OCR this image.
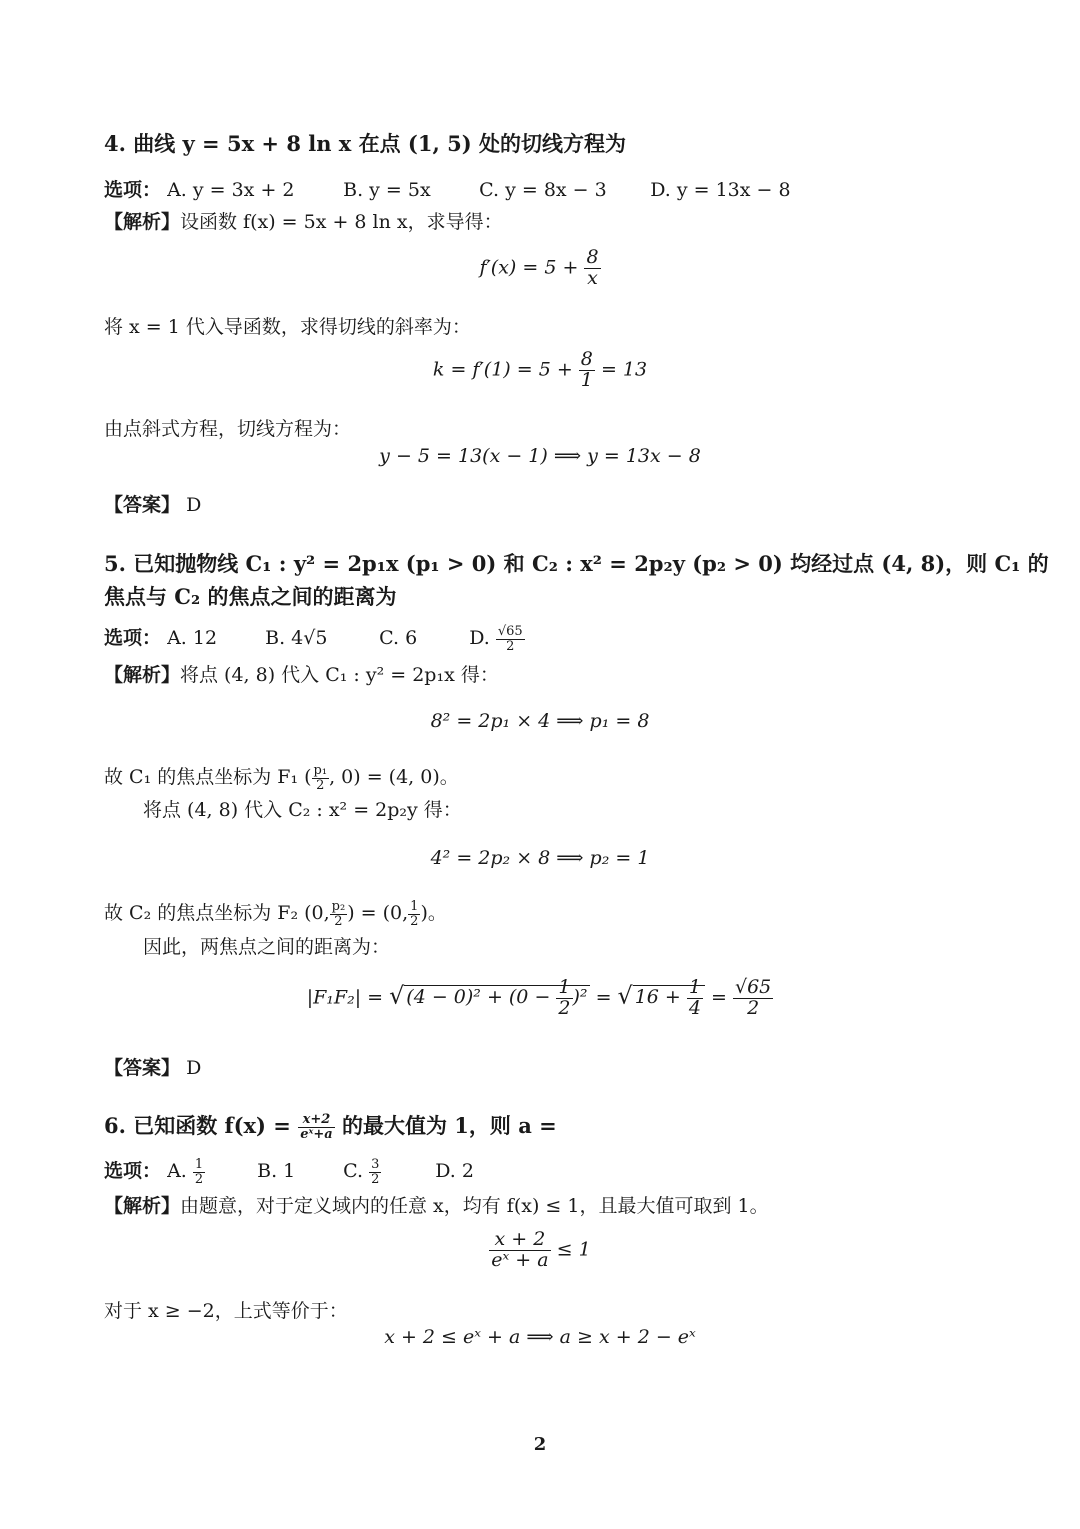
4. 曲线 y = 5x + 8 ln x 在点 (1, 5) 处的切线方程为
选项： A. y = 3x + 2	B. y = 5x	C. y = 8x − 3 D. y = 13x − 8
【解析】设函数 f(x) = 5x + 8 ln x，求导得：
$f'(x) = 5 + \frac{8}{x}$
将 x = 1 代入导函数，求得切线的斜率为：
$k = f'(1) = 5 + \frac{8}{1} = 13$
由点斜式方程，切线方程为：
y − 5 = 13(x − 1) ⟹ y = 13x − 8
【答案】 D
5. 已知抛物线 C₁ : y² = 2p₁x (p₁ > 0) 和 C₂ : x² = 2p₂y (p₂ > 0) 均经过点 (4, 8)，则 C₁ 的
焦点与 C₂ 的焦点之间的距离为
选项： A. 12	B. 4√5	C. 6	D. $\frac{√65}{2}$
【解析】将点 (4, 8) 代入 C₁ : y² = 2p₁x 得：
8² = 2p₁ × 4 ⟹ p₁ = 8
故 C₁ 的焦点坐标为 F₁ ( $\frac{\text{p₁}}{2}$ , 0) = (4, 0)。
将点 (4, 8) 代入 C₂ : x² = 2p₂y 得：
4² = 2p₂ × 8 ⟹ p₂ = 1
故 C₂ 的焦点坐标为 F₂ (0, $\frac{\text{p₂}}{2}$ ) = (0, $\frac{1}{2}$ )。
因此，两焦点之间的距离为：
|F₁F₂| = √ $(4 - 0)^2 + (0 - \frac{1}{2} )^2$ = √ $16 + \frac{1}{4} = \frac{√65}{2}$
【答案】 D
6. 已知函数 $f(x) = \frac{x+2}{\text{eˣ+a}}$ 的最大值为 1，则 a =
选项： A. $\frac{1}{2}$	B. 1	C. $\frac{3}{2}$	D. 2
【解析】由题意，对于定义域内的任意 x，均有 f(x) ≤ 1，且最大值可取到 1。
$\frac{x + 2}{\text{eˣ + a}} \le 1$
对于 x ≥ −2，上式等价于：
x + 2 ≤ eˣ + a ⟹ a ≥ x + 2 − eˣ
2
